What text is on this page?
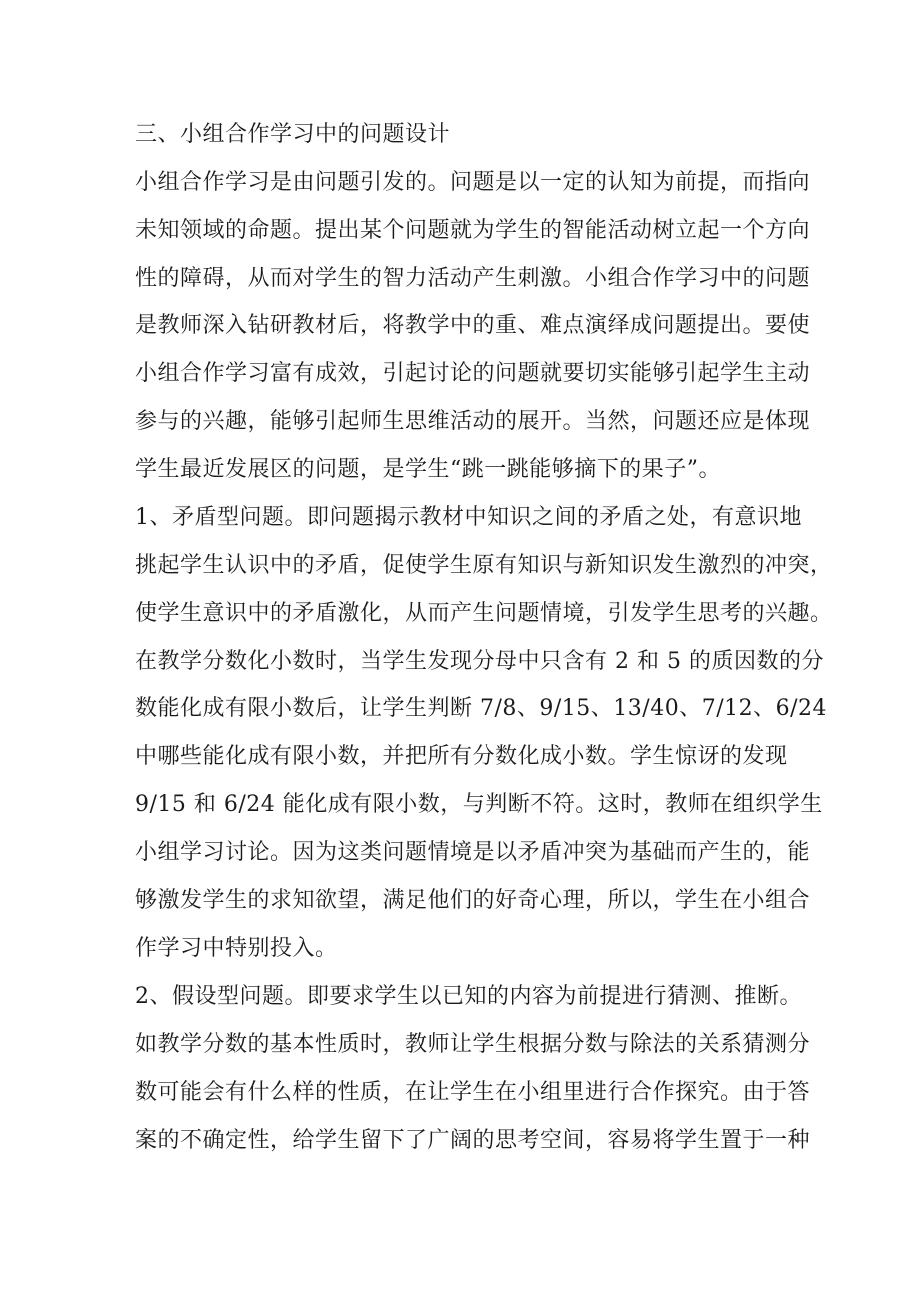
三、小组合作学习中的问题设计
小组合作学习是由问题引发的。问题是以一定的认知为前提，而指向
未知领域的命题。提出某个问题就为学生的智能活动树立起一个方向
性的障碍，从而对学生的智力活动产生刺激。小组合作学习中的问题
是教师深入钻研教材后，将教学中的重、难点演绎成问题提出。要使
小组合作学习富有成效，引起讨论的问题就要切实能够引起学生主动
参与的兴趣，能够引起师生思维活动的展开。当然，问题还应是体现
学生最近发展区的问题，是学生“跳一跳能够摘下的果子”。
1、矛盾型问题。即问题揭示教材中知识之间的矛盾之处，有意识地
挑起学生认识中的矛盾，促使学生原有知识与新知识发生激烈的冲突，
使学生意识中的矛盾激化，从而产生问题情境，引发学生思考的兴趣。
在教学分数化小数时，当学生发现分母中只含有 2 和 5 的质因数的分
数能化成有限小数后，让学生判断 7/8、9/15、13/40、7/12、6/24
中哪些能化成有限小数，并把所有分数化成小数。学生惊讶的发现
9/15 和 6/24 能化成有限小数，与判断不符。这时，教师在组织学生
小组学习讨论。因为这类问题情境是以矛盾冲突为基础而产生的，能
够激发学生的求知欲望，满足他们的好奇心理，所以，学生在小组合
作学习中特别投入。
2、假设型问题。即要求学生以已知的内容为前提进行猜测、推断。
如教学分数的基本性质时，教师让学生根据分数与除法的关系猜测分
数可能会有什么样的性质，在让学生在小组里进行合作探究。由于答
案的不确定性，给学生留下了广阔的思考空间，容易将学生置于一种
